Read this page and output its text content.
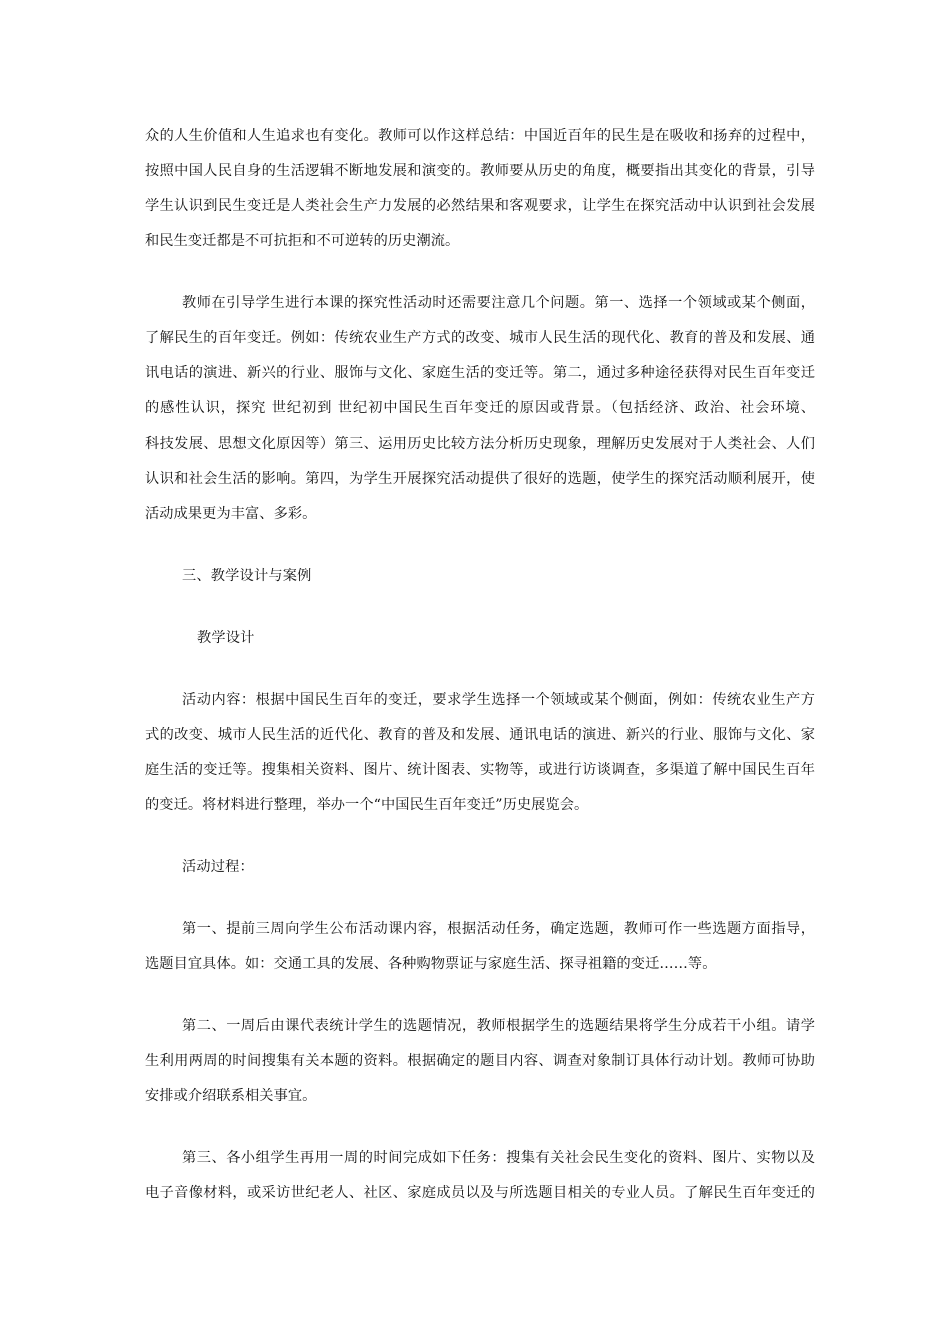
众的人生价值和人生追求也有变化。教师可以作这样总结：中国近百年的民生是在吸收和扬弃的过程中，
按照中国人民自身的生活逻辑不断地发展和演变的。教师要从历史的角度，概要指出其变化的背景，引导
学生认识到民生变迁是人类社会生产力发展的必然结果和客观要求，让学生在探究活动中认识到社会发展
和民生变迁都是不可抗拒和不可逆转的历史潮流。
教师在引导学生进行本课的探究性活动时还需要注意几个问题。第一、选择一个领域或某个侧面，
了解民生的百年变迁。例如：传统农业生产方式的改变、城市人民生活的现代化、教育的普及和发展、通
讯电话的演进、新兴的行业、服饰与文化、家庭生活的变迁等。第二，通过多种途径获得对民生百年变迁
的感性认识，探究 世纪初到 世纪初中国民生百年变迁的原因或背景。（包括经济、政治、社会环境、
科技发展、思想文化原因等）第三、运用历史比较方法分析历史现象，理解历史发展对于人类社会、人们
认识和社会生活的影响。第四，为学生开展探究活动提供了很好的选题，使学生的探究活动顺利展开，使
活动成果更为丰富、多彩。
三、教学设计与案例
教学设计
活动内容：根据中国民生百年的变迁，要求学生选择一个领域或某个侧面，例如：传统农业生产方
式的改变、城市人民生活的近代化、教育的普及和发展、通讯电话的演进、新兴的行业、服饰与文化、家
庭生活的变迁等。搜集相关资料、图片、统计图表、实物等，或进行访谈调查，多渠道了解中国民生百年
的变迁。将材料进行整理，举办一个“中国民生百年变迁”历史展览会。
活动过程：
第一、提前三周向学生公布活动课内容，根据活动任务，确定选题，教师可作一些选题方面指导，
选题目宜具体。如：交通工具的发展、各种购物票证与家庭生活、探寻祖籍的变迁……等。
第二、一周后由课代表统计学生的选题情况，教师根据学生的选题结果将学生分成若干小组。请学
生利用两周的时间搜集有关本题的资料。根据确定的题目内容、调查对象制订具体行动计划。教师可协助
安排或介绍联系相关事宜。
第三、各小组学生再用一周的时间完成如下任务：搜集有关社会民生变化的资料、图片、实物以及
电子音像材料，或采访世纪老人、社区、家庭成员以及与所选题目相关的专业人员。了解民生百年变迁的
